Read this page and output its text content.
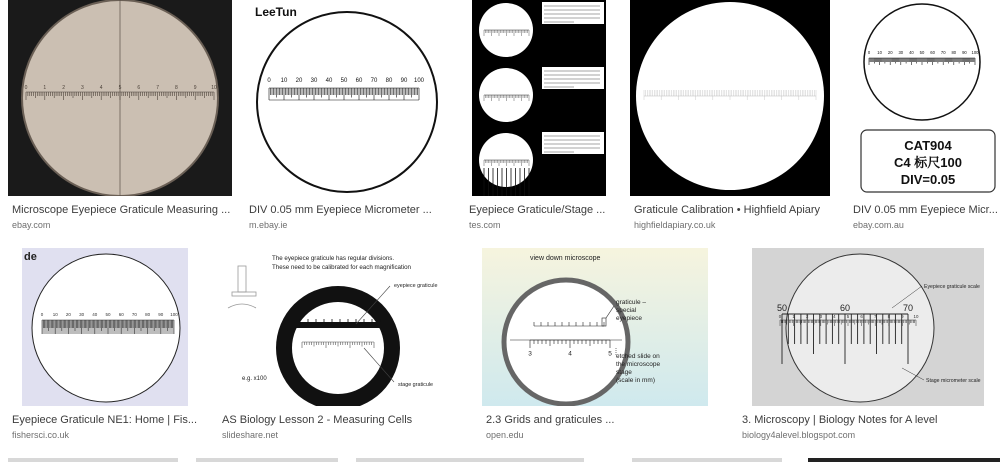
0	1	2	3	4	5	6	7	8	9	10
Microscope Eyepiece Graticule Measuring ...
ebay.com
LeeTun
0 10 20 30 40 50 60 70 80 90 100
DIV 0.05 mm Eyepiece Micrometer ...
m.ebay.ie
Eyepiece Graticule/Stage ...
tes.com
Graticule Calibration • Highfield Apiary
highfieldapiary.co.uk
0 10 20 30 40 50 60 70 80 90 100
CAT904
C4 标尺100
DIV=0.05
DIV 0.05 mm Eyepiece Micr...
ebay.com.au
de
0 10 20 30 40 50 60 70 80 90 100
Eyepiece Graticule NE1: Home | Fis...
fishersci.co.uk
The eyepiece graticule has regular divisions.
These need to be calibrated for each magnification
eyepiece graticule
stage graticule
e.g. x100
AS Biology Lesson 2 - Measuring Cells
slideshare.net
view down microscope
3	4	5
graticule –
special
eyepiece
etched slide on
the microscope
stage
(scale in mm)
2.3 Grids and graticules ...
open.edu
50	60	70
0	1	2	3	4	5	6	7	8	9 10
Eyepiece graticule scale
Stage micrometer scale
3. Microscopy | Biology Notes for A level
biology4alevel.blogspot.com
